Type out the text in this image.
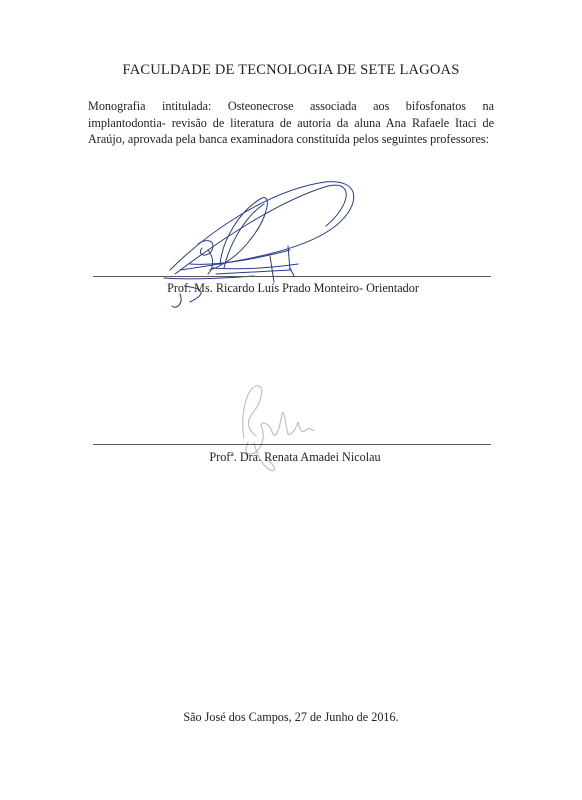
FACULDADE DE TECNOLOGIA DE SETE LAGOAS
Monografia intitulada: Osteonecrose associada aos bifosfonatos na implantodontia- revisão de literatura de autoria da aluna Ana Rafaele Itaci de Araújo, aprovada pela banca examinadora constituída pelos seguintes professores:
Prof. Ms. Ricardo Luís Prado Monteiro- Orientador
Profª. Dra. Renata Amadei Nicolau
São José dos Campos, 27 de Junho de 2016.
